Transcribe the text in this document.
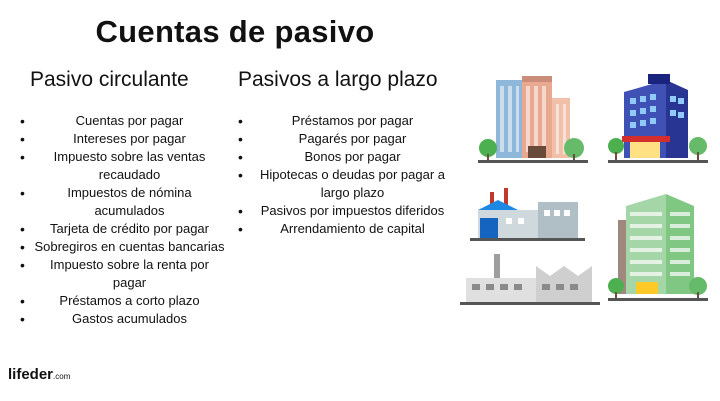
Cuentas de pasivo
Pasivo circulante Pasivos a largo plazo
• Cuentas por pagar
• Intereses por pagar
• Impuesto sobre las ventas recaudado
• Impuestos de nómina acumulados
• Tarjeta de crédito por pagar
• Sobregiros en cuentas bancarias
• Impuesto sobre la renta por pagar
• Préstamos a corto plazo
• Gastos acumulados
• Préstamos por pagar
• Pagarés por pagar
• Bonos por pagar
• Hipotecas o deudas por pagar a largo plazo
• Pasivos por impuestos diferidos
• Arrendamiento de capital
lifeder.com
